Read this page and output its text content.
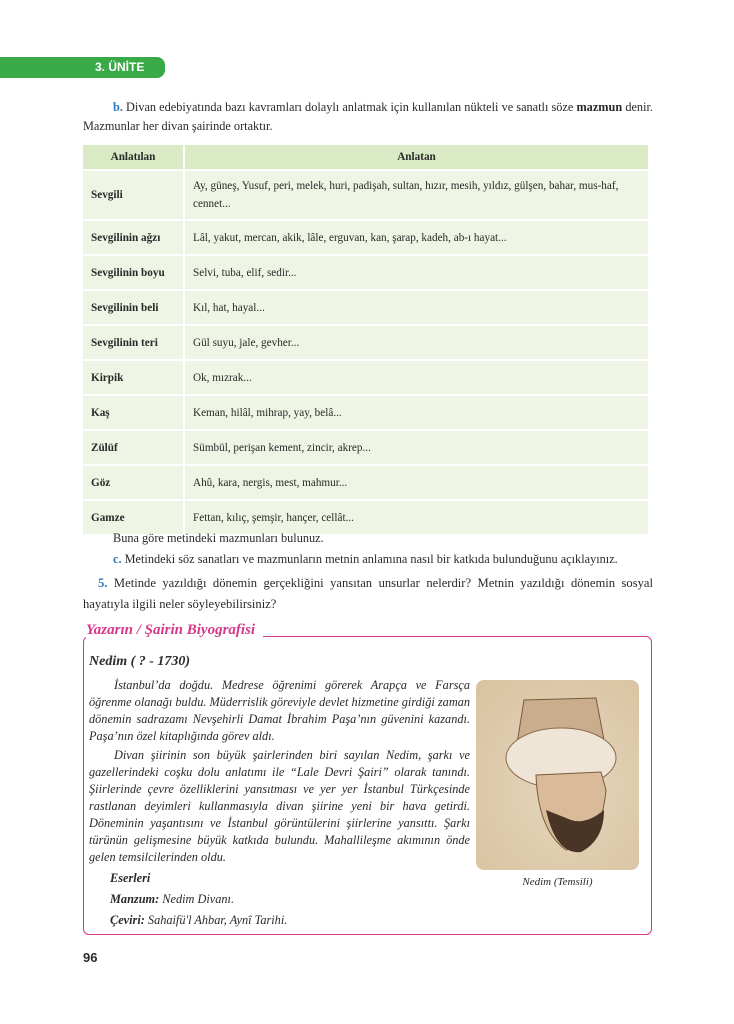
3. ÜNİTE
b. Divan edebiyatında bazı kavramları dolaylı anlatmak için kullanılan nükteli ve sanatlı söze mazmun denir. Mazmunlar her divan şairinde ortaktır.
Anlatılan	Anlatan
Sevgili	Ay, güneş, Yusuf, peri, melek, huri, padişah, sultan, hızır, mesih, yıldız, gülşen, bahar, mus-haf, cennet...
Sevgilinin ağzı	Lâl, yakut, mercan, akik, lâle, erguvan, kan, şarap, kadeh, ab-ı hayat...
Sevgilinin boyu	Selvi, tuba, elif, sedir...
Sevgilinin beli	Kıl, hat, hayal...
Sevgilinin teri	Gül suyu, jale, gevher...
Kirpik	Ok, mızrak...
Kaş	Keman, hilâl, mihrap, yay, belâ...
Zülüf	Sümbül, perişan kement, zincir, akrep...
Göz	Ahû, kara, nergis, mest, mahmur...
Gamze	Fettan, kılıç, şemşir, hançer, cellât...
Buna göre metindeki mazmunları bulunuz.
c. Metindeki söz sanatları ve mazmunların metnin anlamına nasıl bir katkıda bulunduğunu açıklayınız.
5. Metinde yazıldığı dönemin gerçekliğini yansıtan unsurlar nelerdir? Metnin yazıldığı dönemin sosyal hayatıyla ilgili neler söyleyebilirsiniz?
Yazarın / Şairin Biyografisi
Nedim ( ? - 1730)
İstanbul’da doğdu. Medrese öğrenimi görerek Arapça ve Farsça öğrenme olanağı buldu. Müderrislik göreviyle devlet hizmetine girdiği zaman dönemin sadrazamı Nevşehirli Damat İbrahim Paşa’nın güvenini kazandı. Paşa’nın özel kitaplığında görev aldı.
Divan şiirinin son büyük şairlerinden biri sayılan Nedim, şarkı ve gazellerindeki coşku dolu anlatımı ile “Lale Devri Şairi” olarak tanındı. Şiirlerinde çevre özelliklerini yansıtması ve yer yer İstanbul Türkçesinde rastlanan deyimleri kullanmasıyla divan şiirine yeni bir hava getirdi. Döneminin yaşantısını ve İstanbul görüntülerini şiirlerine yansıttı. Şarkı türünün gelişmesine büyük katkıda bulundu. Mahallileşme akımının önde gelen temsilcilerinden oldu.
Eserleri
Manzum: Nedim Divanı.
Çeviri: Sahaifü'l Ahbar, Aynî Tarihi.
Nedim (Temsili)
96
